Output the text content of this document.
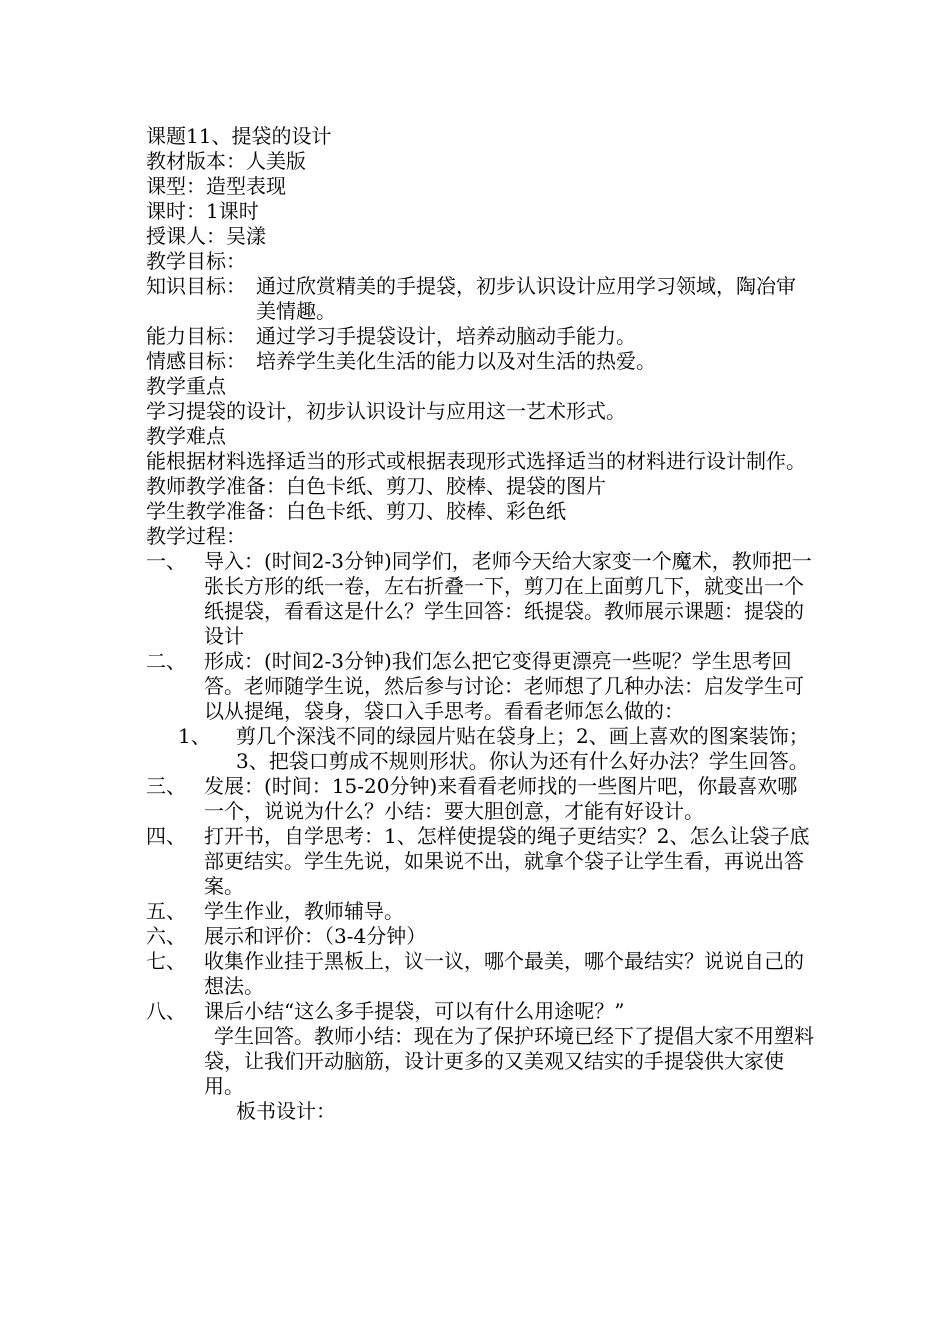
课题11、提袋的设计
教材版本：人美版
课型：造型表现
课时：1课时
授课人：吴漾
教学目标：
知识目标： 通过欣赏精美的手提袋，初步认识设计应用学习领域，陶冶审美情趣。
能力目标： 通过学习手提袋设计，培养动脑动手能力。
情感目标： 培养学生美化生活的能力以及对生活的热爱。
教学重点
学习提袋的设计，初步认识设计与应用这一艺术形式。
教学难点
能根据材料选择适当的形式或根据表现形式选择适当的材料进行设计制作。
教师教学准备：白色卡纸、剪刀、胶棒、提袋的图片
学生教学准备：白色卡纸、剪刀、胶棒、彩色纸
教学过程：
一、 导入：(时间2-3分钟)同学们，老师今天给大家变一个魔术，教师把一张长方形的纸一卷，左右折叠一下，剪刀在上面剪几下，就变出一个纸提袋，看看这是什么？学生回答：纸提袋。教师展示课题：提袋的设计
二、 形成：(时间2-3分钟)我们怎么把它变得更漂亮一些呢？学生思考回答。老师随学生说，然后参与讨论：老师想了几种办法：启发学生可以从提绳，袋身，袋口入手思考。看看老师怎么做的：
1、 剪几个深浅不同的绿园片贴在袋身上；2、画上喜欢的图案装饰；3、把袋口剪成不规则形状。你认为还有什么好办法？学生回答。
三、 发展：(时间：15-20分钟)来看看老师找的一些图片吧，你最喜欢哪一个，说说为什么？小结：要大胆创意，才能有好设计。
四、 打开书，自学思考：1、怎样使提袋的绳子更结实？2、怎么让袋子底部更结实。学生先说，如果说不出，就拿个袋子让学生看，再说出答案。
五、 学生作业，教师辅导。
六、 展示和评价：（3-4分钟）
七、 收集作业挂于黑板上，议一议，哪个最美，哪个最结实？说说自己的想法。
八、 课后小结“这么多手提袋，可以有什么用途呢？”
学生回答。教师小结：现在为了保护环境已经下了提倡大家不用塑料袋，让我们开动脑筋，设计更多的又美观又结实的手提袋供大家使用。
板书设计：
